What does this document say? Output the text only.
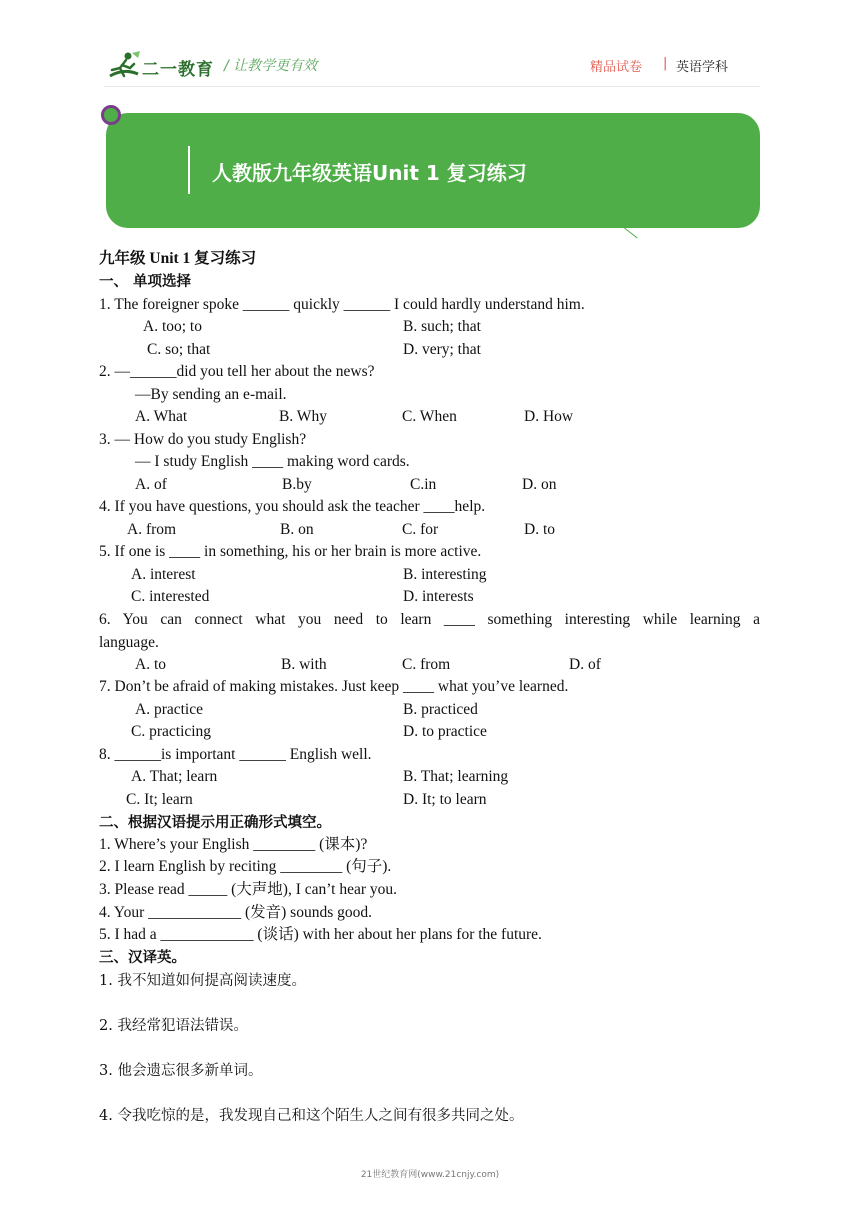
二一教育 / 让教学更有效	精品试卷 | 英语学科
人教版九年级英语Unit 1 复习练习
九年级 Unit 1 复习练习
一、 单项选择
1. The foreigner spoke ______ quickly ______ I could hardly understand him.
A. too; to	B. such; that
C. so; that	D. very; that
2. —______did you tell her about the news?
—By sending an e-mail.
A. What	B. Why	C. When	D. How
3. — How do you study English?
— I study English ____ making word cards.
A. of	B.by	C.in	D. on
4. If you have questions, you should ask the teacher ____help.
A. from	B. on	C. for	D. to
5. If one is ____ in something, his or her brain is more active.
A. interest	B. interesting
C. interested	D. interests
6. You can connect what you need to learn ____ something interesting while learning a
language.
A. to	B. with	C. from	D. of
7. Don’t be afraid of making mistakes. Just keep ____ what you’ve learned.
A. practice	B. practiced
C. practicing	D. to practice
8. ______is important ______ English well.
A. That; learn	B. That; learning
C. It; learn	D. It; to learn
二、根据汉语提示用正确形式填空。
1. Where’s your English ________ (课本)?
2. I learn English by reciting ________ (句子).
3. Please read _____ (大声地), I can’t hear you.
4. Your ____________ (发音) sounds good.
5. I had a ____________ (谈话) with her about her plans for the future.
三、汉译英。
1. 我不知道如何提高阅读速度。
2. 我经常犯语法错误。
3. 他会遗忘很多新单词。
4. 令我吃惊的是，我发现自己和这个陌生人之间有很多共同之处。
21世纪教育网(www.21cnjy.com)
